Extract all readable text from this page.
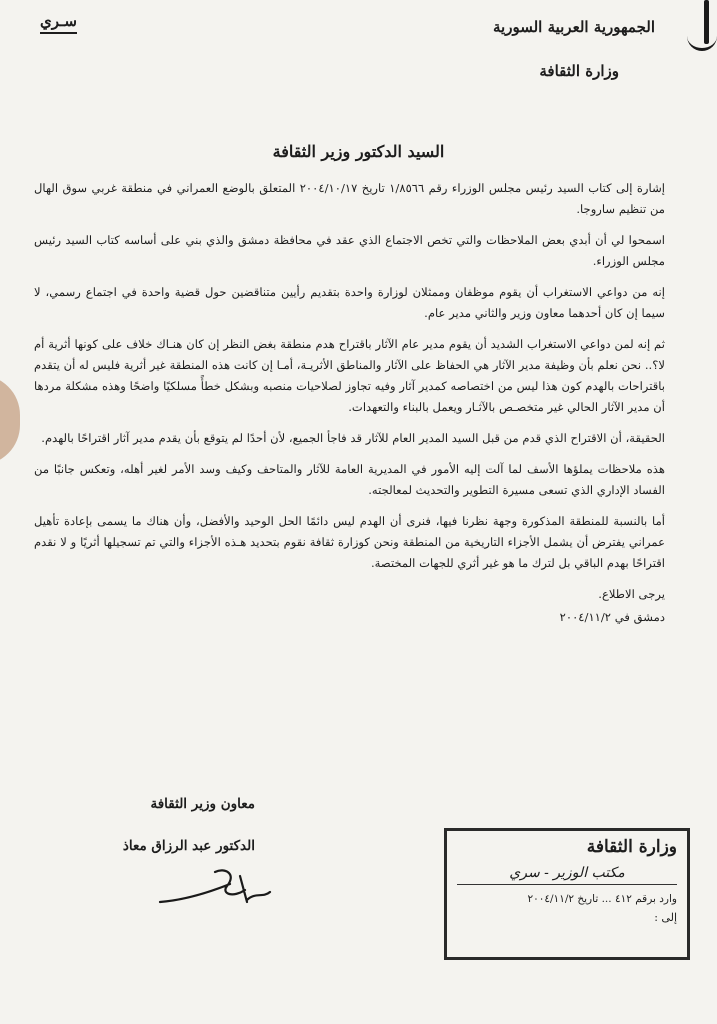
سـري	الجمهورية العربية السورية
وزارة الثقافة
السيد الدكتور وزير الثقافة

إشارة إلى كتاب السيد رئيس مجلس الوزراء رقم ١/٨٥٦٦ تاريخ ٢٠٠٤/١٠/١٧ المتعلق بالوضع العمراني في منطقة غربي سوق الهال من تنظيم ساروجا.

اسمحوا لي أن أبدي بعض الملاحظات والتي تخص الاجتماع الذي عقد في محافظة دمشق والذي بني على أساسه كتاب السيد رئيس مجلس الوزراء.

إنه من دواعي الاستغراب أن يقوم موظفان وممثلان لوزارة واحدة بتقديم رأيين متناقضين حول قضية واحدة في اجتماع رسمي، لا سيما إن كان أحدهما معاون وزير والثاني مدير عام.

ثم إنه لمن دواعي الاستغراب الشديد أن يقوم مدير عام الآثار باقتراح هدم منطقة بغض النظر إن كان هنـاك خلاف على كونها أثرية أم لا؟.. نحن نعلم بأن وظيفة مدير الآثار هي الحفاظ على الآثار والمناطق الأثريـة، أمـا إن كانت هذه المنطقة غير أثرية فليس له أن يتقدم باقتراحات بالهدم كون هذا ليس من اختصاصه كمدير آثار وفيه تجاوز لصلاحيات منصبه وبشكل خطأً مسلكيًا واضحًا وهذه مشكلة مردها أن مدير الآثار الحالي غير متخصـص بالآثـار ويعمل بالبناء والتعهدات.

الحقيقة، أن الاقتراح الذي قدم من قبل السيد المدير العام للآثار قد فاجأ الجميع، لأن أحدًا لم يتوقع بأن يقدم مدير آثار اقتراحًا بالهدم.

هذه ملاحظات يملؤها الأسف لما آلت إليه الأمور في المديرية العامة للآثار والمتاحف وكيف وسد الأمر لغير أهله، وتعكس جانبًا من الفساد الإداري الذي تسعى مسيرة التطوير والتحديث لمعالجته.

أما بالنسبة للمنطقة المذكورة وجهة نظرنا فيها، فنرى أن الهدم ليس دائمًا الحل الوحيد والأفضل، وأن هناك ما يسمى بإعادة تأهيل عمراني يفترض أن يشمل الأجزاء التاريخية من المنطقة ونحن كوزارة ثقافة نقوم بتحديد هـذه الأجزاء والتي تم تسجيلها أثريًا و لا نقدم اقتراحًا بهدم الباقي بل لترك ما هو غير أثري للجهات المختصة.

يرجى الاطلاع.

دمشق في ٢٠٠٤/١١/٢

معاون وزير الثقافة
الدكتور عبد الرزاق معاذ	وزارة الثقافة
مكتب الوزير - سري
وارد برقم ٤١٢ ... تاريخ ٢٠٠٤/١١/٢
إلى :
